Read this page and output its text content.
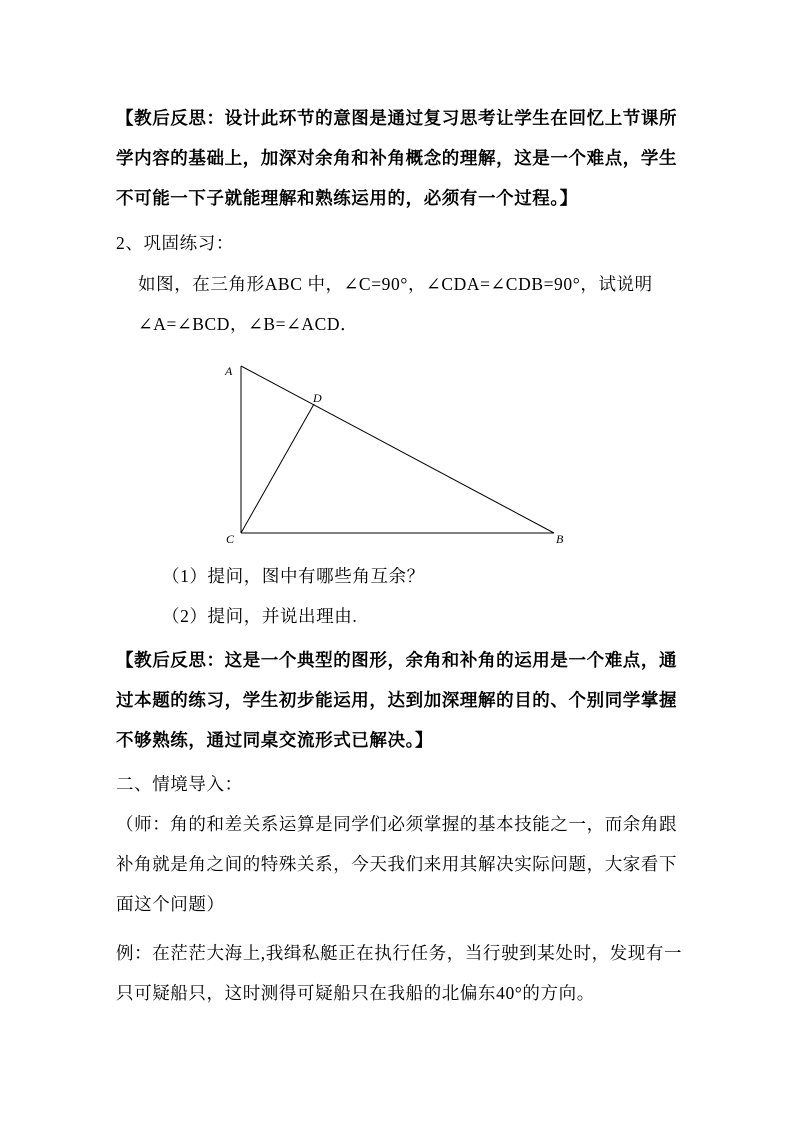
【教后反思：设计此环节的意图是通过复习思考让学生在回忆上节课所
学内容的基础上，加深对余角和补角概念的理解，这是一个难点，学生
不可能一下子就能理解和熟练运用的，必须有一个过程。】
2、巩固练习：
如图，在三角形ABC 中，∠C=90°，∠CDA=∠CDB=90°，试说明
∠A=∠BCD，∠B=∠ACD．
A
D
C	B
（1）提问，图中有哪些角互余？
（2）提问，并说出理由.
【教后反思：这是一个典型的图形，余角和补角的运用是一个难点，通
过本题的练习，学生初步能运用，达到加深理解的目的、个别同学掌握
不够熟练，通过同桌交流形式已解决。】
二、情境导入：
（师：角的和差关系运算是同学们必须掌握的基本技能之一，而余角跟
补角就是角之间的特殊关系，今天我们来用其解决实际问题，大家看下
面这个问题）
例：在茫茫大海上,我缉私艇正在执行任务，当行驶到某处时，发现有一
只可疑船只，这时测得可疑船只在我船的北偏东40°的方向。
